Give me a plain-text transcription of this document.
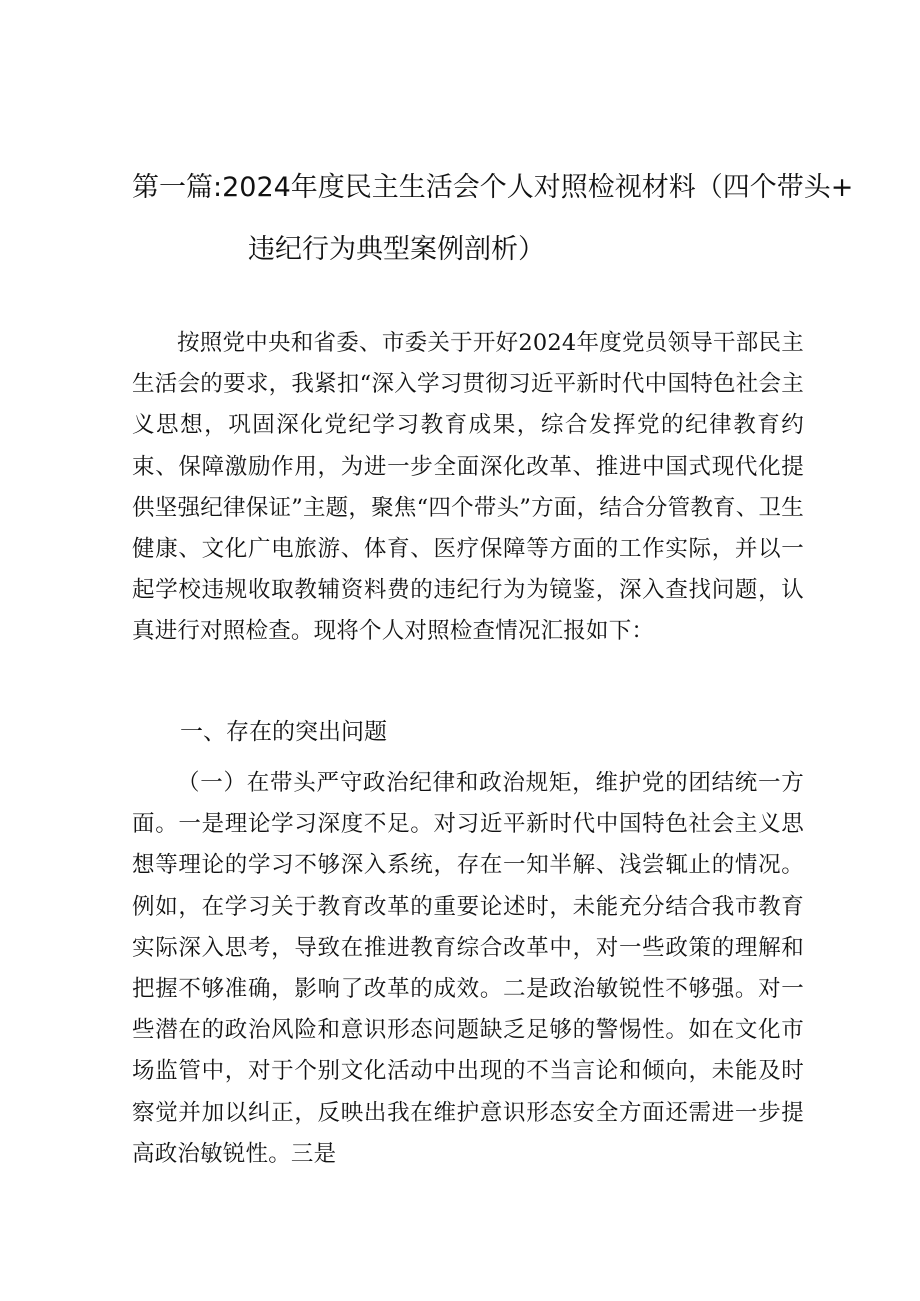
第一篇:2024年度民主生活会个人对照检视材料（四个带头+
违纪行为典型案例剖析）

按照党中央和省委、市委关于开好2024年度党员领导干部民主生活会的要求，我紧扣“深入学习贯彻习近平新时代中国特色社会主义思想，巩固深化党纪学习教育成果，综合发挥党的纪律教育约束、保障激励作用，为进一步全面深化改革、推进中国式现代化提供坚强纪律保证”主题，聚焦“四个带头”方面，结合分管教育、卫生健康、文化广电旅游、体育、医疗保障等方面的工作实际，并以一起学校违规收取教辅资料费的违纪行为为镜鉴，深入查找问题，认真进行对照检查。现将个人对照检查情况汇报如下：

一、存在的突出问题

（一）在带头严守政治纪律和政治规矩，维护党的团结统一方面。一是理论学习深度不足。对习近平新时代中国特色社会主义思想等理论的学习不够深入系统，存在一知半解、浅尝辄止的情况。例如，在学习关于教育改革的重要论述时，未能充分结合我市教育实际深入思考，导致在推进教育综合改革中，对一些政策的理解和把握不够准确，影响了改革的成效。二是政治敏锐性不够强。对一些潜在的政治风险和意识形态问题缺乏足够的警惕性。如在文化市场监管中，对于个别文化活动中出现的不当言论和倾向，未能及时察觉并加以纠正，反映出我在维护意识形态安全方面还需进一步提高政治敏锐性。三是
